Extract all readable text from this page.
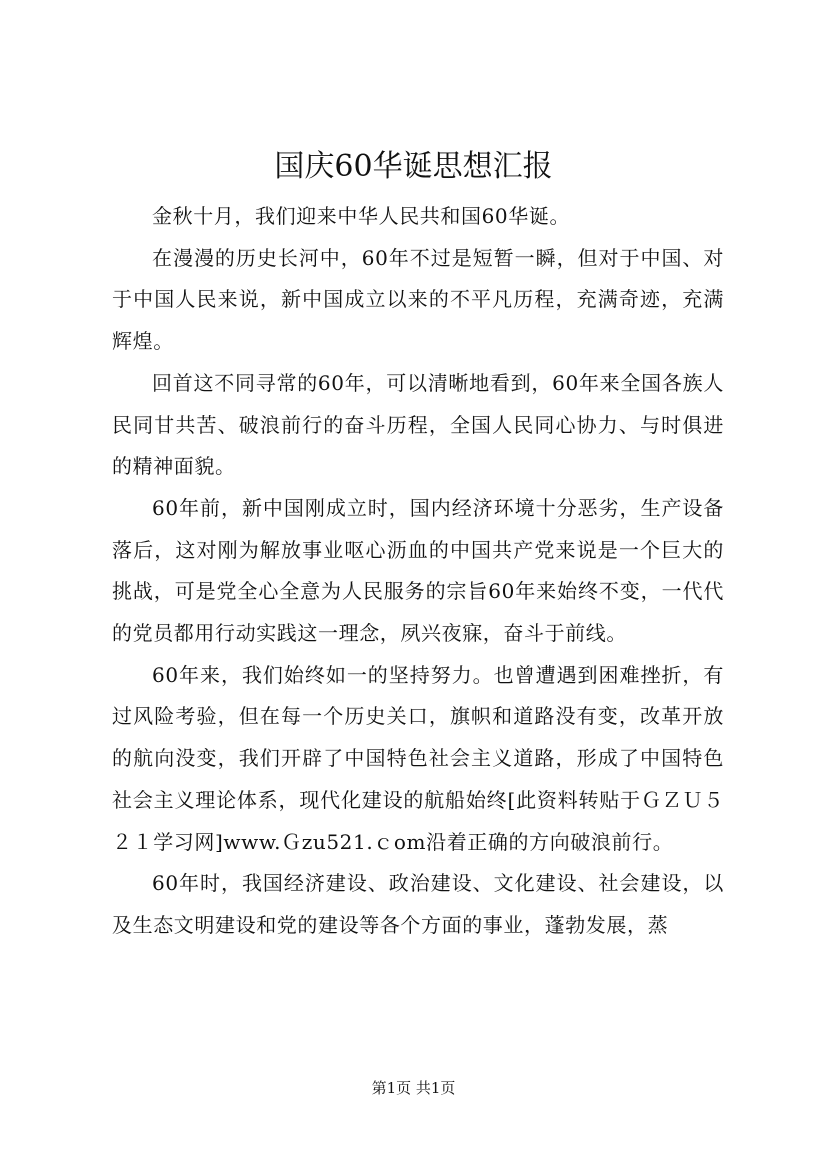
国庆60华诞思想汇报

金秋十月，我们迎来中华人民共和国60华诞。

在漫漫的历史长河中，60年不过是短暂一瞬，但对于中国、对于中国人民来说，新中国成立以来的不平凡历程，充满奇迹，充满辉煌。

回首这不同寻常的60年，可以清晰地看到，60年来全国各族人民同甘共苦、破浪前行的奋斗历程，全国人民同心协力、与时俱进的精神面貌。

60年前，新中国刚成立时，国内经济环境十分恶劣，生产设备落后，这对刚为解放事业呕心沥血的中国共产党来说是一个巨大的挑战，可是党全心全意为人民服务的宗旨60年来始终不变，一代代的党员都用行动实践这一理念，夙兴夜寐，奋斗于前线。

60年来，我们始终如一的坚持努力。也曾遭遇到困难挫折，有过风险考验，但在每一个历史关口，旗帜和道路没有变，改革开放的航向没变，我们开辟了中国特色社会主义道路，形成了中国特色社会主义理论体系，现代化建设的航船始终[此资料转贴于ＧＺＵ５２１学习网]www.Ｇzu521.ｃom沿着正确的方向破浪前行。

60年时，我国经济建设、政治建设、文化建设、社会建设，以及生态文明建设和党的建设等各个方面的事业，蓬勃发展，蒸

第1页 共1页
